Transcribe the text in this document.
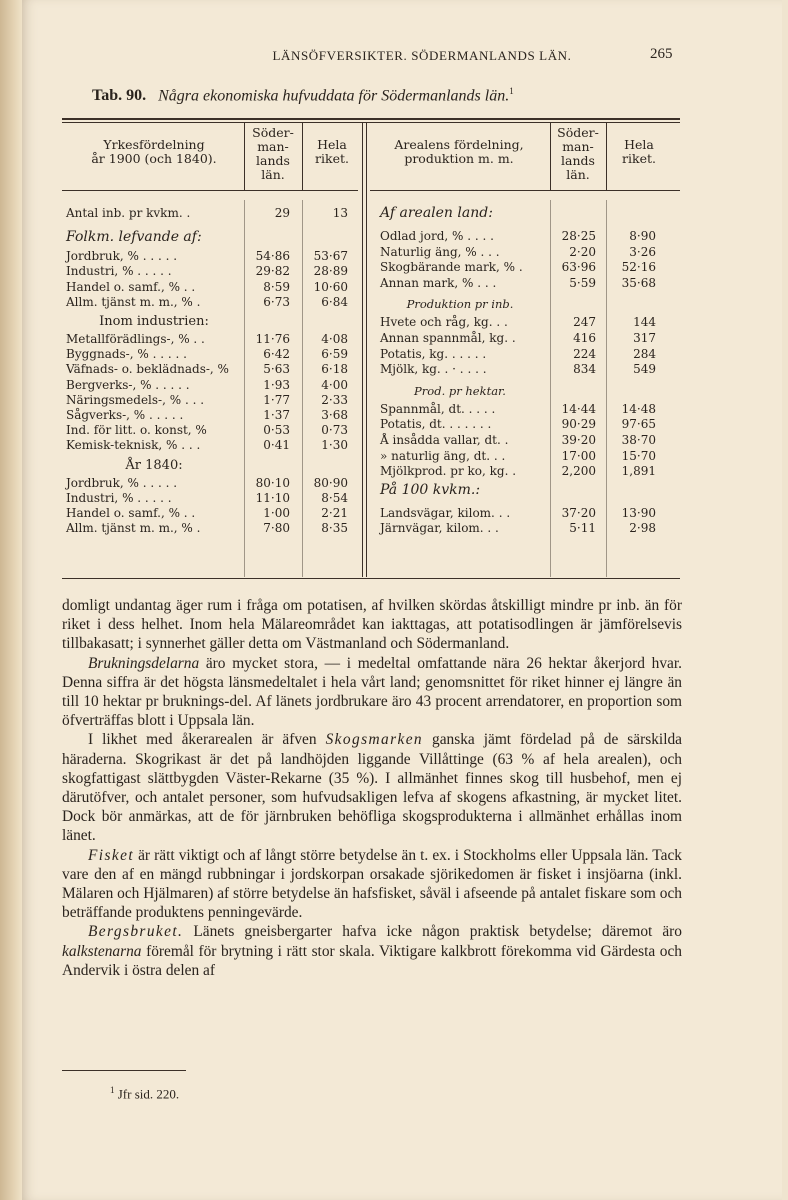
LÄNSÖFVERSIKTER. SÖDERMANLANDS LÄN.	265
Tab. 90. Några ekonomiska hufvuddata för Södermanlands län.$^1$
Yrkesfördelning
år 1900 (och 1840).
Söder-
man-
lands
län.
Hela
riket.
Arealens fördelning,
produktion m. m.
Söder-
man-
lands
län.
Hela
riket.
Antal inb. pr kvkm. .	29	13
Folkm. lefvande af:
Jordbruk, % . . . . .	54·86	53·67
Industri, % . . . . .	29·82	28·89
Handel o. samf., % . .	8·59	10·60
Allm. tjänst m. m., % .	6·73	6·84
Inom industrien:
Metallförädlings-, % . .	11·76	4·08
Byggnads-, % . . . . .	6·42	6·59
Väfnads- o. beklädnads-, %	5·63	6·18
Bergverks-, % . . . . .	1·93	4·00
Näringsmedels-, % . . .	1·77	2·33
Sågverks-, % . . . . .	1·37	3·68
Ind. för litt. o. konst, %	0·53	0·73
Kemisk-teknisk, % . . .	0·41	1·30
År 1840:
Jordbruk, % . . . . .	80·10	80·90
Industri, % . . . . .	11·10	8·54
Handel o. samf., % . .	1·00	2·21
Allm. tjänst m. m., % .	7·80	8·35
Af arealen land:
Odlad jord, % . . . .	28·25	8·90
Naturlig äng, % . . .	2·20	3·26
Skogbärande mark, % .	63·96	52·16
Annan mark, % . . .	5·59	35·68
Produktion pr inb.
Hvete och råg, kg. . .	247	144
Annan spannmål, kg. .	416	317
Potatis, kg. . . . . .	224	284
Mjölk, kg. . · . . . .	834	549
Prod. pr hektar.
Spannmål, dt. . . . .	14·44	14·48
Potatis, dt. . . . . . .	90·29	97·65
Å insådda vallar, dt. .	39·20	38·70
» naturlig äng, dt. . .	17·00	15·70
Mjölkprod. pr ko, kg. .	2,200	1,891
På 100 kvkm.:
Landsvägar, kilom. . .	37·20	13·90
Järnvägar, kilom. . .	5·11	2·98

domligt undantag äger rum i fråga om potatisen, af hvilken skördas åtskilligt mindre pr inb. än för riket i dess helhet. Inom hela Mälareområdet kan iakttagas, att potatisodlingen är jämförelsevis tillbakasatt; i synnerhet gäller detta om Västmanland och Södermanland.

Brukningsdelarna äro mycket stora, — i medeltal omfattande nära 26 hektar åkerjord hvar. Denna siffra är det högsta länsmedeltalet i hela vårt land; genomsnittet för riket hinner ej längre än till 10 hektar pr bruknings-del. Af länets jordbrukare äro 43 procent arrendatorer, en proportion som öfverträffas blott i Uppsala län.

I likhet med åkerarealen är äfven Skogsmarken ganska jämt fördelad på de särskilda häraderna. Skogrikast är det på landhöjden liggande Villåttinge (63 % af hela arealen), och skogfattigast slättbygden Väster-Rekarne (35 %). I allmänhet finnes skog till husbehof, men ej därutöfver, och antalet personer, som hufvudsakligen lefva af skogens afkastning, är mycket litet. Dock bör anmärkas, att de för järnbruken behöfliga skogsprodukterna i allmänhet erhållas inom länet.

Fisket är rätt viktigt och af långt större betydelse än t. ex. i Stockholms eller Uppsala län. Tack vare den af en mängd rubbningar i jordskorpan orsakade sjörikedomen är fisket i insjöarna (inkl. Mälaren och Hjälmaren) af större betydelse än hafsfisket, såväl i afseende på antalet fiskare som och beträffande produktens penningevärde.

Bergsbruket. Länets gneisbergarter hafva icke någon praktisk betydelse; däremot äro kalkstenarna föremål för brytning i rätt stor skala. Viktigare kalkbrott förekomma vid Gärdesta och Andervik i östra delen af

$^1$ Jfr sid. 220.
